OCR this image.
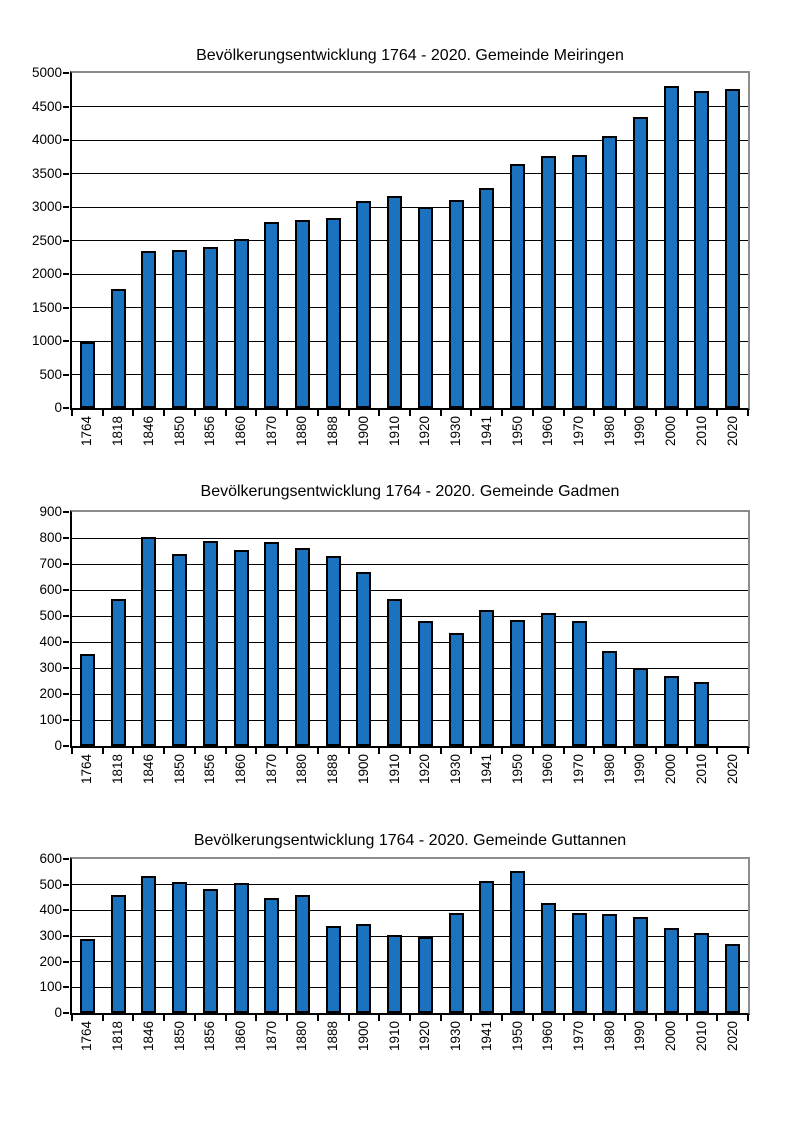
Bevölkerungsentwicklung 1764 - 2020. Gemeinde Meiringen
0
500
1000
1500
2000
2500
3000
3500
4000
4500
5000
1764 1818 1846 1850 1856 1860 1870 1880 1888 1900 1910 1920 1930 1941 1950 1960 1970 1980 1990 2000 2010 2020
Bevölkerungsentwicklung 1764 - 2020. Gemeinde Gadmen
0
100
200
300
400
500
600
700
800
900
1764 1818 1846 1850 1856 1860 1870 1880 1888 1900 1910 1920 1930 1941 1950 1960 1970 1980 1990 2000 2010 2020
Bevölkerungsentwicklung 1764 - 2020. Gemeinde Guttannen
0
100
200
300
400
500
600
1764 1818 1846 1850 1856 1860 1870 1880 1888 1900 1910 1920 1930 1941 1950 1960 1970 1980 1990 2000 2010 2020
